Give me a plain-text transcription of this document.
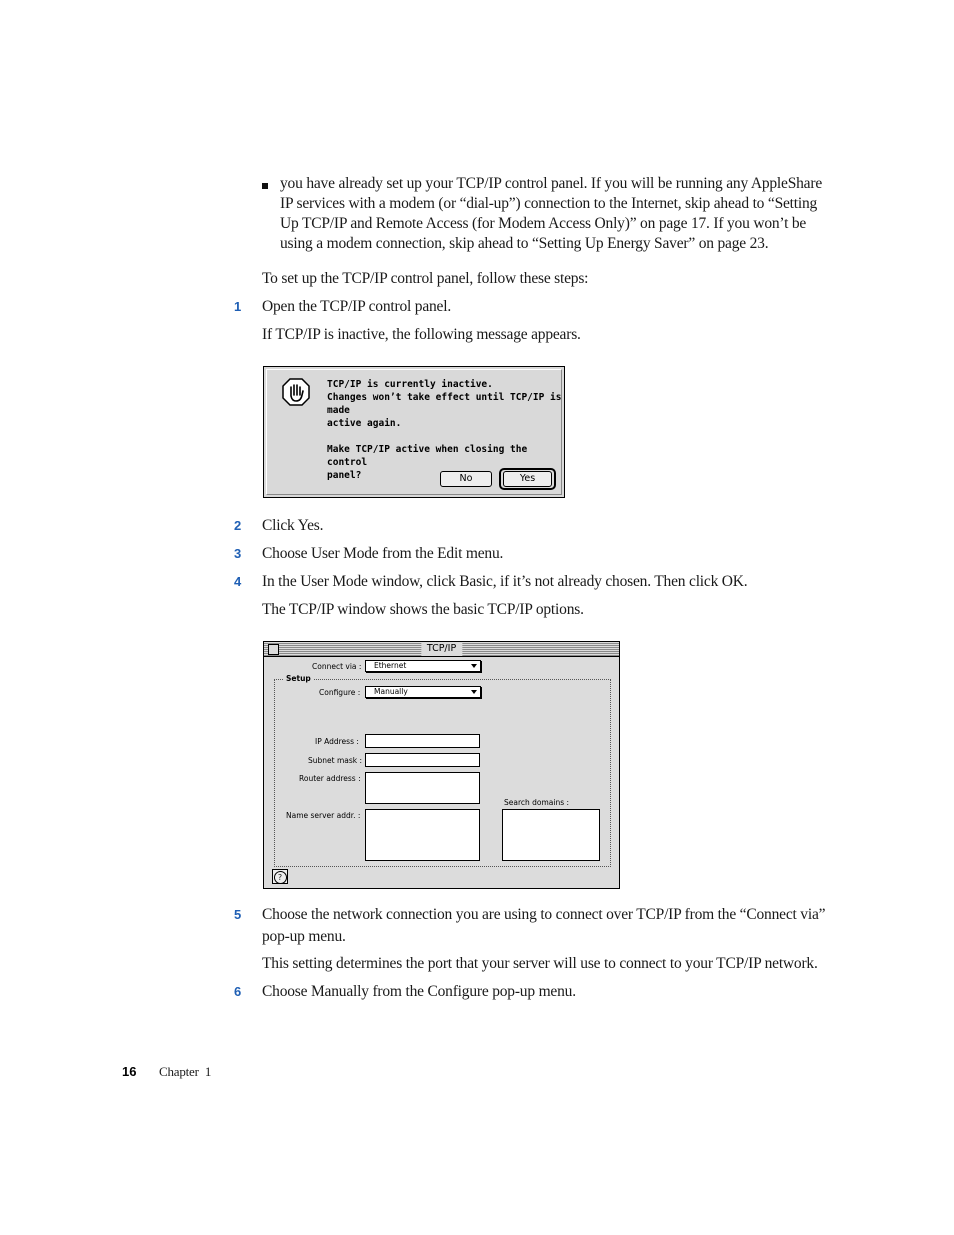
you have already set up your TCP/IP control panel. If you will be running any AppleShare
IP services with a modem (or “dial-up”) connection to the Internet, skip ahead to “Setting
Up TCP/IP and Remote Access (for Modem Access Only)” on page 17. If you won’t be
using a modem connection, skip ahead to “Setting Up Energy Saver” on page 23.
To set up the TCP/IP control panel, follow these steps:
1 Open the TCP/IP control panel.
If TCP/IP is inactive, the following message appears.
TCP/IP is currently inactive.
Changes won’t take effect until TCP/IP is made
active again.
Make TCP/IP active when closing the control
panel?	No	Yes
2 Click Yes.
3 Choose User Mode from the Edit menu.
4 In the User Mode window, click Basic, if it’s not already chosen. Then click OK.
The TCP/IP window shows the basic TCP/IP options.
TCP/IP
Connect via : Ethernet
Setup
Configure : Manually
IP Address :
Subnet mask :
Router address :
Name server addr. :
Search domains :
?
5 Choose the network connection you are using to connect over TCP/IP from the “Connect via”
pop-up menu.
This setting determines the port that your server will use to connect to your TCP/IP network.
6 Choose Manually from the Configure pop-up menu.
16 Chapter  1
